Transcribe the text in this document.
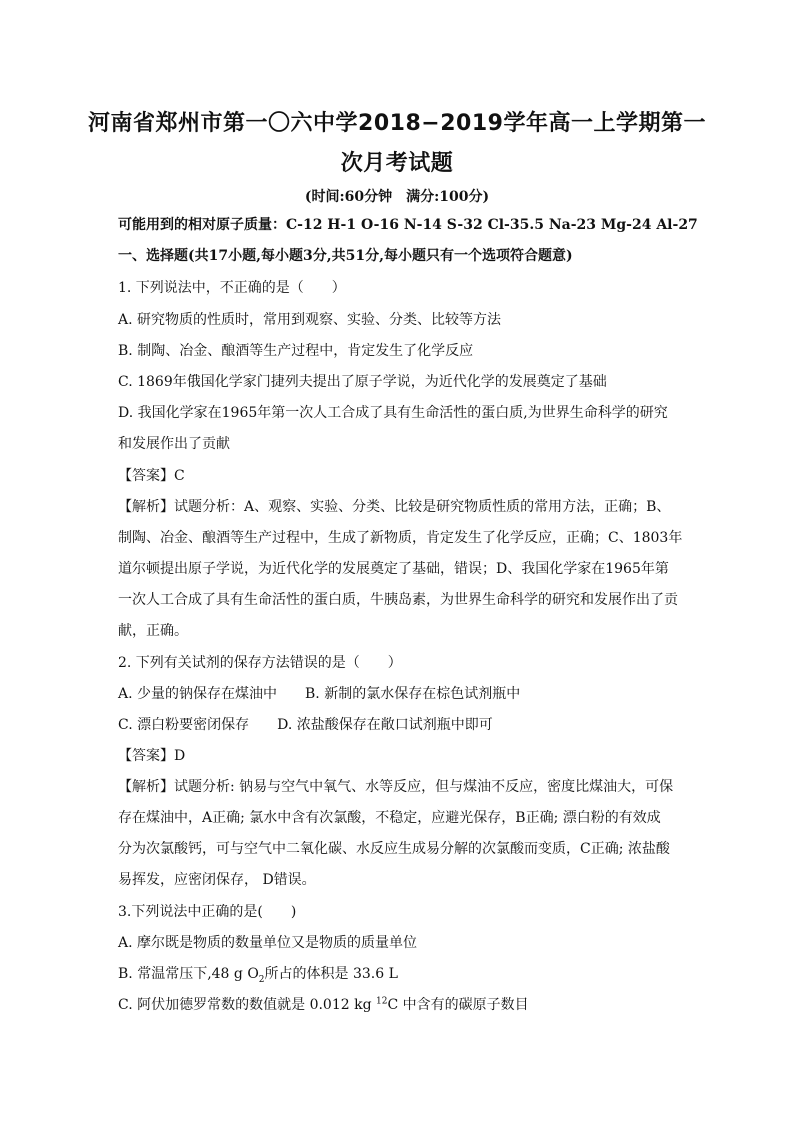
河南省郑州市第一〇六中学2018−2019学年高一上学期第一
次月考试题
(时间:60分钟　满分:100分)
可能用到的相对原子质量：C-12 H-1 O-16 N-14 S-32 Cl-35.5 Na-23 Mg-24 Al-27
一、选择题(共17小题,每小题3分,共51分,每小题只有一个选项符合题意)
1. 下列说法中，不正确的是（　　）
A. 研究物质的性质时，常用到观察、实验、分类、比较等方法
B. 制陶、冶金、酿酒等生产过程中，肯定发生了化学反应
C. 1869年俄国化学家门捷列夫提出了原子学说，为近代化学的发展奠定了基础
D. 我国化学家在1965年第一次人工合成了具有生命活性的蛋白质,为世界生命科学的研究
和发展作出了贡献
【答案】C
【解析】试题分析：A、观察、实验、分类、比较是研究物质性质的常用方法，正确；B、
制陶、冶金、酿酒等生产过程中，生成了新物质，肯定发生了化学反应，正确；C、1803年
道尔顿提出原子学说，为近代化学的发展奠定了基础，错误；D、我国化学家在1965年第
一次人工合成了具有生命活性的蛋白质，牛胰岛素，为世界生命科学的研究和发展作出了贡
献，正确。
2. 下列有关试剂的保存方法错误的是（　　）
A. 少量的钠保存在煤油中　　B. 新制的氯水保存在棕色试剂瓶中
C. 漂白粉要密闭保存　　D. 浓盐酸保存在敞口试剂瓶中即可
【答案】D
【解析】试题分析: 钠易与空气中氧气、水等反应，但与煤油不反应，密度比煤油大，可保
存在煤油中，A正确; 氯水中含有次氯酸，不稳定，应避光保存，B正确; 漂白粉的有效成
分为次氯酸钙，可与空气中二氧化碳、水反应生成易分解的次氯酸而变质，C正确; 浓盐酸
易挥发，应密闭保存， D错误。
3.下列说法中正确的是(　　)
A. 摩尔既是物质的数量单位又是物质的质量单位
B. 常温常压下,48 g $O_2$所占的体积是 33.6 L
C. 阿伏加德罗常数的数值就是 0.012 kg $^{12}$C 中含有的碳原子数目
